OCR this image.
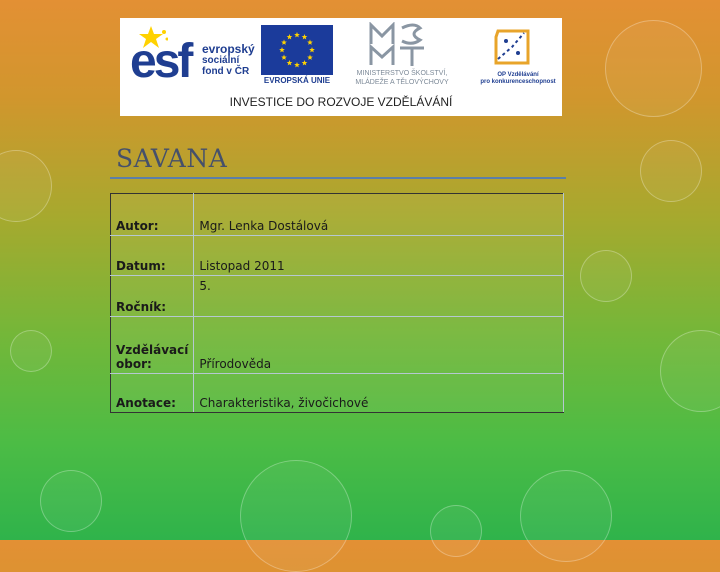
esf evropský
sociální
fond v ČR
EVROPSKÁ UNIE
MINISTERSTVO ŠKOLSTVÍ,
MLÁDEŽE A TĚLOVÝCHOVY
OP Vzdělávání
pro konkurenceschopnost
INVESTICE DO ROZVOJE VZDĚLÁVÁNÍ
SAVANA
Autor:	Mgr. Lenka Dostálová
Datum:	Listopad 2011
Ročník:	5.
Vzdělávací obor:	Přírodověda
Anotace:	Charakteristika, živočichové
